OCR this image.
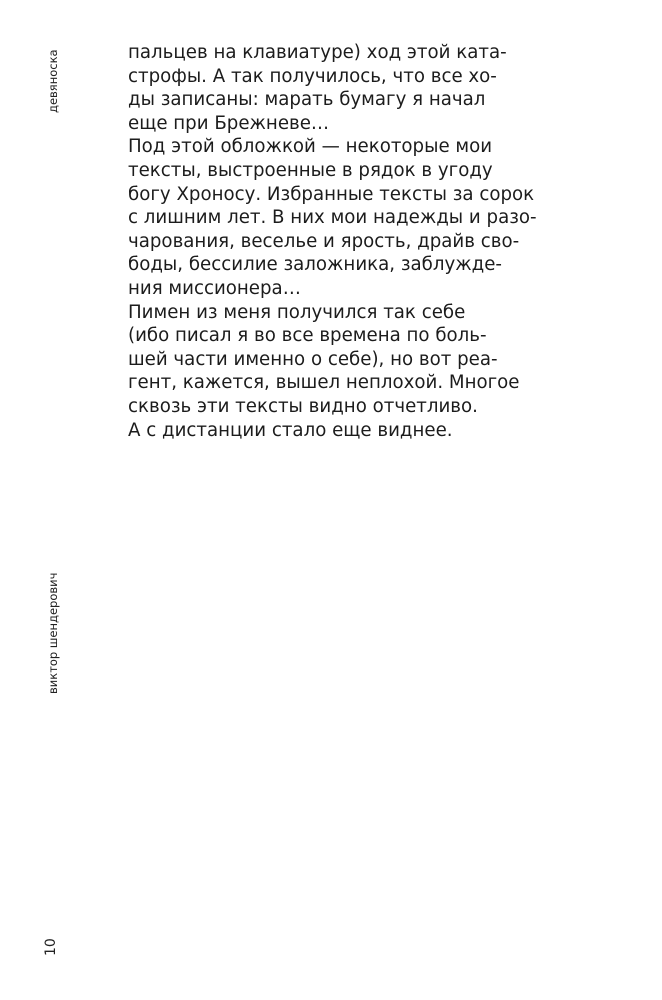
девяноска
виктор шендерович
10
пальцев на клавиатуре) ход этой ката-
строфы. А так получилось, что все хо-
ды записаны: марать бумагу я начал
еще при Брежневе…
Под этой обложкой — некоторые мои
тексты, выстроенные в рядок в угоду
богу Хроносу. Избранные тексты за сорок
с лишним лет. В них мои надежды и разо-
чарования, веселье и ярость, драйв сво-
боды, бессилие заложника, заблужде-
ния миссионера…
Пимен из меня получился так себе
(ибо писал я во все времена по боль-
шей части именно о себе), но вот реа-
гент, кажется, вышел неплохой. Многое
сквозь эти тексты видно отчетливо.
А с дистанции стало еще виднее.
